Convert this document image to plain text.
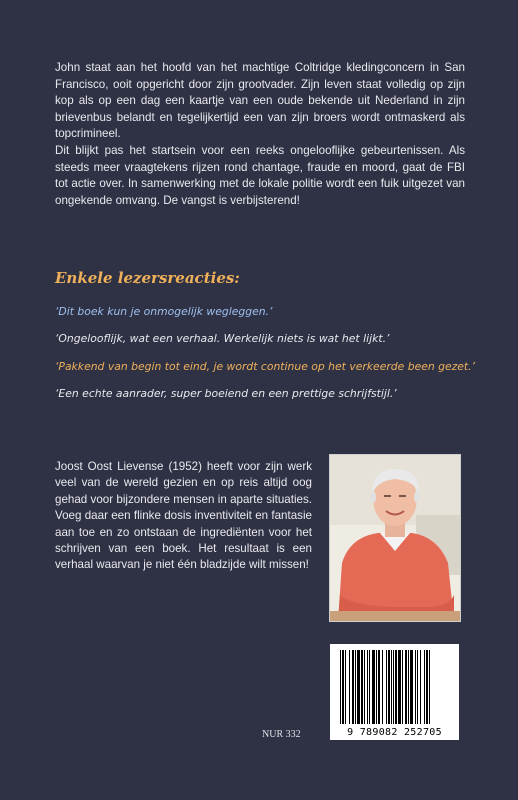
John staat aan het hoofd van het machtige Coltridge kledingconcern in San Francisco, ooit opgericht door zijn grootvader. Zijn leven staat volledig op zijn kop als op een dag een kaartje van een oude bekende uit Nederland in zijn brievenbus belandt en tegelijkertijd een van zijn broers wordt ontmaskerd als topcrimineel.

Dit blijkt pas het startsein voor een reeks ongelooflijke gebeurtenissen. Als steeds meer vraagtekens rijzen rond chantage, fraude en moord, gaat de FBI tot actie over. In samenwerking met de lokale politie wordt een fuik uitgezet van ongekende omvang. De vangst is verbijsterend!

Enkele lezersreacties:

‘Dit boek kun je onmogelijk wegleggen.’

‘Ongelooflijk, wat een verhaal. Werkelijk niets is wat het lijkt.’

‘Pakkend van begin tot eind, je wordt continue op het verkeerde been gezet.’

‘Een echte aanrader, super boeiend en een prettige schrijfstijl.’

Joost Oost Lievense (1952) heeft voor zijn werk veel van de wereld gezien en op reis altijd oog gehad voor bijzondere mensen in aparte situaties. Voeg daar een flinke dosis inventiviteit en fantasie aan toe en zo ontstaan de ingrediënten voor het schrijven van een boek. Het resultaat is een verhaal waarvan je niet één bladzijde wilt missen!

9 789082 252705
NUR 332
